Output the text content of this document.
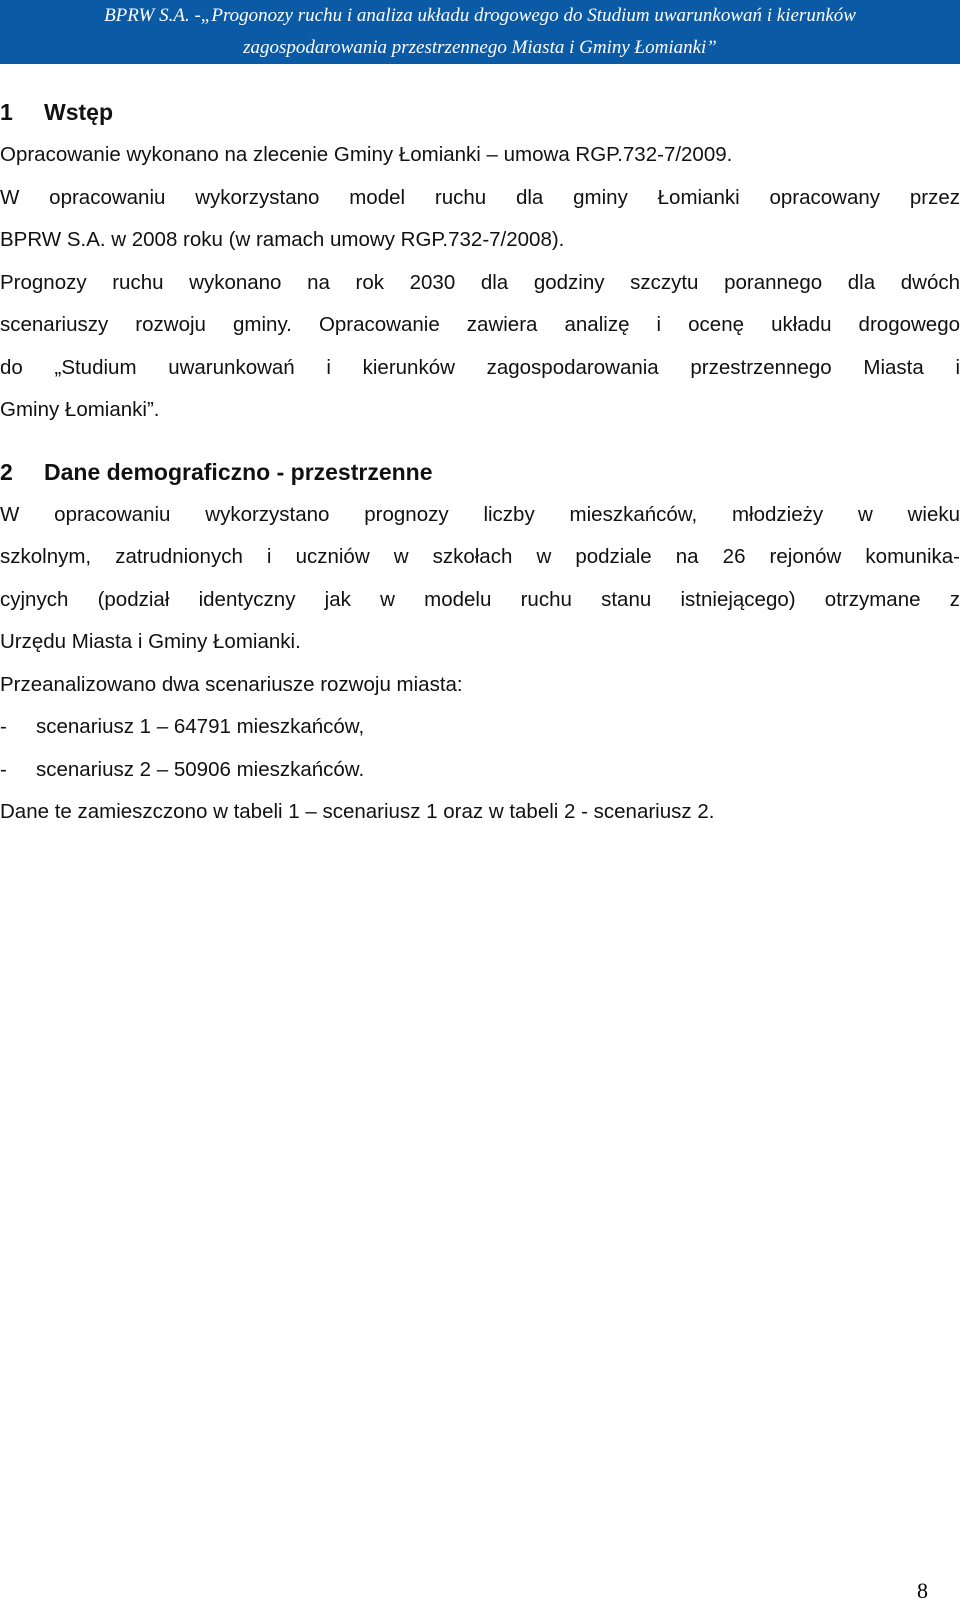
BPRW S.A. -„Progonozy ruchu i analiza układu drogowego do Studium uwarunkowań i kierunków
zagospodarowania przestrzennego Miasta i Gminy Łomianki”
1 Wstęp
Opracowanie wykonano na zlecenie Gminy Łomianki – umowa RGP.732-7/2009.
W opracowaniu wykorzystano model ruchu dla gminy Łomianki opracowany przez
BPRW S.A. w 2008 roku (w ramach umowy RGP.732-7/2008).
Prognozy ruchu wykonano na rok 2030 dla godziny szczytu porannego dla dwóch
scenariuszy rozwoju gminy. Opracowanie zawiera analizę i ocenę układu drogowego
do „Studium uwarunkowań i kierunków zagospodarowania przestrzennego Miasta i
Gminy Łomianki”.
2 Dane demograficzno - przestrzenne
W opracowaniu wykorzystano prognozy liczby mieszkańców, młodzieży w wieku
szkolnym, zatrudnionych i uczniów w szkołach w podziale na 26 rejonów komunika-
cyjnych (podział identyczny jak w modelu ruchu stanu istniejącego) otrzymane z
Urzędu Miasta i Gminy Łomianki.
Przeanalizowano dwa scenariusze rozwoju miasta:
- scenariusz 1 – 64791 mieszkańców,
- scenariusz 2 – 50906 mieszkańców.
Dane te zamieszczono w tabeli 1 – scenariusz 1 oraz w tabeli 2 - scenariusz 2.
8
